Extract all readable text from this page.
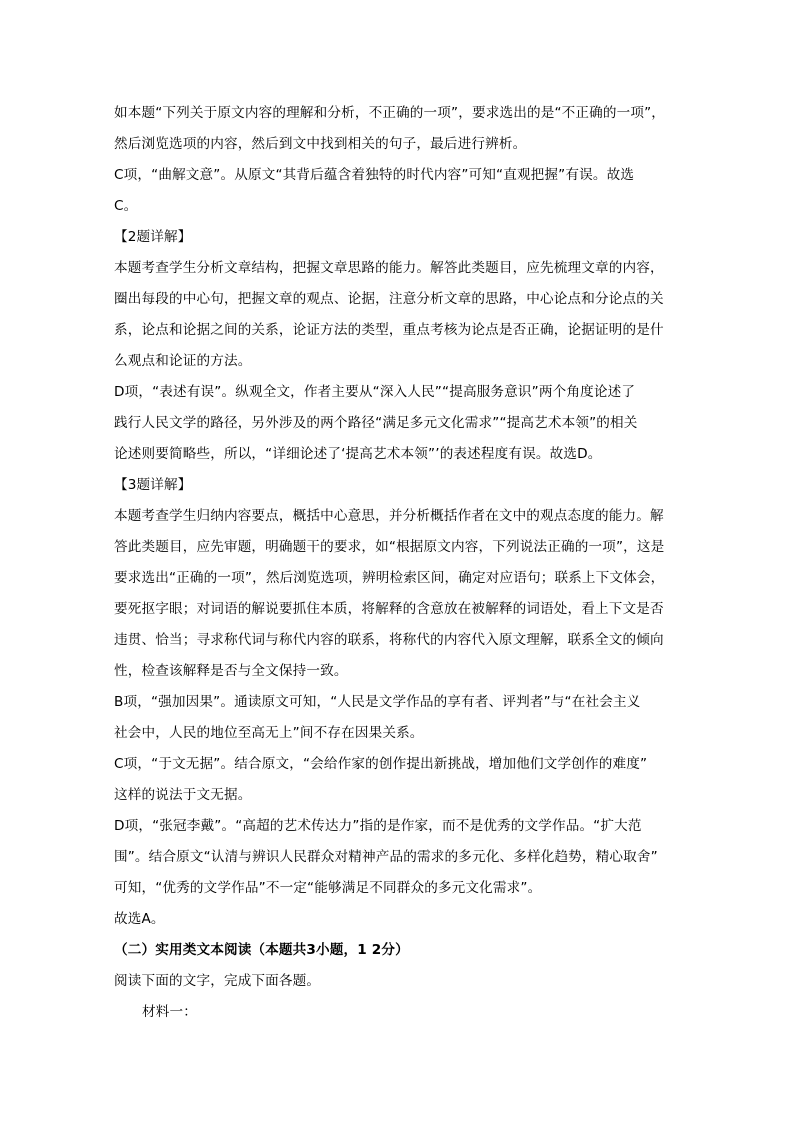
如本题“下列关于原文内容的理解和分析，不正确的一项”，要求选出的是“不正确的一项”，
然后浏览选项的内容，然后到文中找到相关的句子，最后进行辨析。
C项，“曲解文意”。从原文“其背后蕴含着独特的时代内容”可知“直观把握”有误。故选
C。
【2题详解】
本题考查学生分析文章结构，把握文章思路的能力。解答此类题目，应先梳理文章的内容，
圈出每段的中心句，把握文章的观点、论据，注意分析文章的思路，中心论点和分论点的关
系，论点和论据之间的关系，论证方法的类型，重点考核为论点是否正确，论据证明的是什
么观点和论证的方法。
D项，“表述有误”。纵观全文，作者主要从“深入人民”“提高服务意识”两个角度论述了
践行人民文学的路径，另外涉及的两个路径“满足多元文化需求”“提高艺术本领”的相关
论述则要简略些，所以，“详细论述了‘提高艺术本领”’的表述程度有误。故选D。
【3题详解】
本题考查学生归纳内容要点，概括中心意思，并分析概括作者在文中的观点态度的能力。解
答此类题目，应先审题，明确题干的要求，如“根据原文内容，下列说法正确的一项”，这是
要求选出“正确的一项”，然后浏览选项，辨明检索区间，确定对应语句；联系上下文体会，
要死抠字眼；对词语的解说要抓住本质，将解释的含意放在被解释的词语处，看上下文是否
违贯、恰当；寻求称代词与称代内容的联系，将称代的内容代入原文理解，联系全文的倾向
性，检查该解释是否与全文保持一致。
B项，“强加因果”。通读原文可知，“人民是文学作品的享有者、评判者”与“在社会主义
社会中，人民的地位至高无上”间不存在因果关系。
C项，“于文无据”。结合原文，“会给作家的创作提出新挑战，增加他们文学创作的难度”
这样的说法于文无据。
D项，“张冠李戴”。“高超的艺术传达力”指的是作家，而不是优秀的文学作品。“扩大范
围”。结合原文“认清与辨识人民群众对精神产品的需求的多元化、多样化趋势，精心取舍”
可知，“优秀的文学作品”不一定“能够满足不同群众的多元文化需求”。
故选A。
（二）实用类文本阅读（本题共3小题，1 2分）
阅读下面的文字，完成下面各题。
材料一：
